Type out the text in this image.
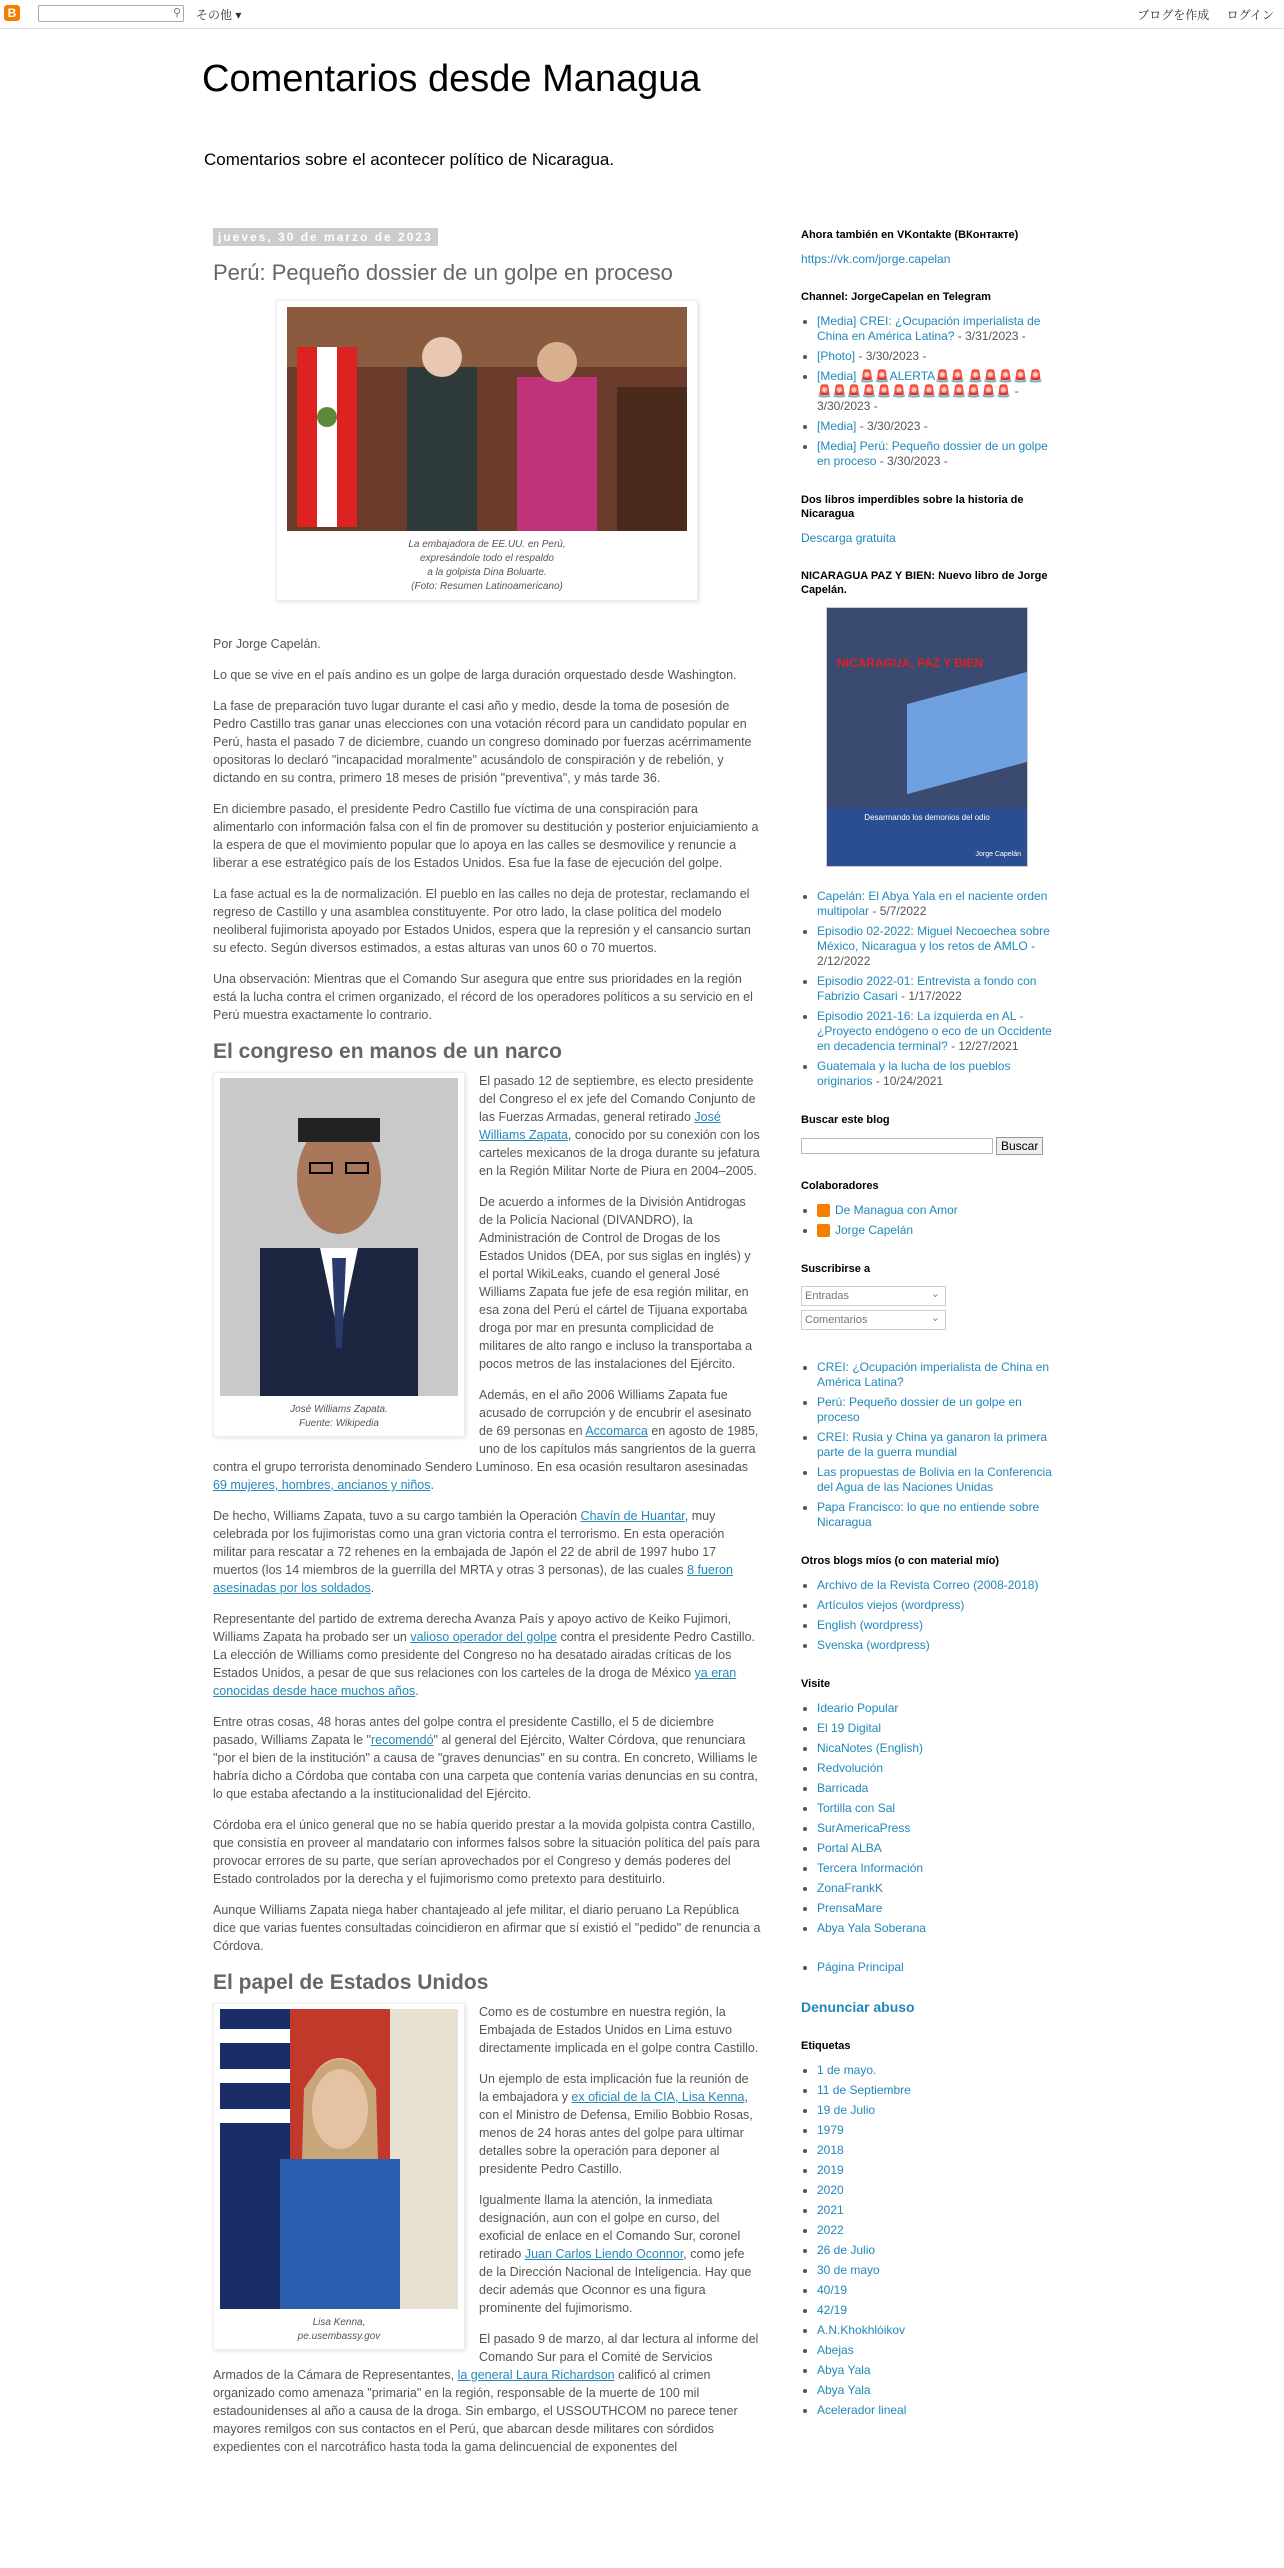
B	⚲ その他 ▾	ブログを作成 ログイン
Comentarios desde Managua
Comentarios sobre el acontecer político de Nicaragua.
jueves, 30 de marzo de 2023
Perú: Pequeño dossier de un golpe en proceso
La embajadora de EE.UU. en Perú,
expresándole todo el respaldo
a la golpista Dina Boluarte.
(Foto: Resumen Latinoamericano)

Por Jorge Capelán.

Lo que se vive en el país andino es un golpe de larga duración orquestado desde Washington.

La fase de preparación tuvo lugar durante el casi año y medio, desde la toma de posesión de Pedro Castillo tras ganar unas elecciones con una votación récord para un candidato popular en Perú, hasta el pasado 7 de diciembre, cuando un congreso dominado por fuerzas acérrimamente opositoras lo declaró "incapacidad moralmente" acusándolo de conspiración y de rebelión, y dictando en su contra, primero 18 meses de prisión "preventiva", y más tarde 36.

En diciembre pasado, el presidente Pedro Castillo fue víctima de una conspiración para alimentarlo con información falsa con el fin de promover su destitución y posterior enjuiciamiento a la espera de que el movimiento popular que lo apoya en las calles se desmovilice y renuncie a liberar a ese estratégico país de los Estados Unidos. Esa fue la fase de ejecución del golpe.

La fase actual es la de normalización. El pueblo en las calles no deja de protestar, reclamando el regreso de Castillo y una asamblea constituyente. Por otro lado, la clase política del modelo neoliberal fujimorista apoyado por Estados Unidos, espera que la represión y el cansancio surtan su efecto. Según diversos estimados, a estas alturas van unos 60 o 70 muertos.

Una observación: Mientras que el Comando Sur asegura que entre sus prioridades en la región está la lucha contra el crimen organizado, el récord de los operadores políticos a su servicio en el Perú muestra exactamente lo contrario.

El congreso en manos de un narco
José Williams Zapata.
Fuente: Wikipedia

El pasado 12 de septiembre, es electo presidente del Congreso el ex jefe del Comando Conjunto de las Fuerzas Armadas, general retirado José Williams Zapata, conocido por su conexión con los carteles mexicanos de la droga durante su jefatura en la Región Militar Norte de Piura en 2004–2005.

De acuerdo a informes de la División Antidrogas de la Policía Nacional (DIVANDRO), la Administración de Control de Drogas de los Estados Unidos (DEA, por sus siglas en inglés) y el portal WikiLeaks, cuando el general José Williams Zapata fue jefe de esa región militar, en esa zona del Perú el cártel de Tijuana exportaba droga por mar en presunta complicidad de militares de alto rango e incluso la transportaba a pocos metros de las instalaciones del Ejército.

Además, en el año 2006 Williams Zapata fue acusado de corrupción y de encubrir el asesinato de 69 personas en Accomarca en agosto de 1985, uno de los capítulos más sangrientos de la guerra contra el grupo terrorista denominado Sendero Luminoso. En esa ocasión resultaron asesinadas 69 mujeres, hombres, ancianos y niños.

De hecho, Williams Zapata, tuvo a su cargo también la Operación Chavín de Huantar, muy celebrada por los fujimoristas como una gran victoria contra el terrorismo. En esta operación militar para rescatar a 72 rehenes en la embajada de Japón el 22 de abril de 1997 hubo 17 muertos (los 14 miembros de la guerrilla del MRTA y otras 3 personas), de las cuales 8 fueron asesinadas por los soldados.

Representante del partido de extrema derecha Avanza País y apoyo activo de Keiko Fujimori, Williams Zapata ha probado ser un valioso operador del golpe contra el presidente Pedro Castillo. La elección de Williams como presidente del Congreso no ha desatado airadas críticas de los Estados Unidos, a pesar de que sus relaciones con los carteles de la droga de México ya eran conocidas desde hace muchos años.

Entre otras cosas, 48 horas antes del golpe contra el presidente Castillo, el 5 de diciembre pasado, Williams Zapata le "recomendó" al general del Ejército, Walter Córdova, que renunciara "por el bien de la institución" a causa de "graves denuncias" en su contra. En concreto, Williams le habría dicho a Córdoba que contaba con una carpeta que contenía varias denuncias en su contra, lo que estaba afectando a la institucionalidad del Ejército.

Córdoba era el único general que no se había querido prestar a la movida golpista contra Castillo, que consistía en proveer al mandatario con informes falsos sobre la situación política del país para provocar errores de su parte, que serían aprovechados por el Congreso y demás poderes del Estado controlados por la derecha y el fujimorismo como pretexto para destituirlo.

Aunque Williams Zapata niega haber chantajeado al jefe militar, el diario peruano La República dice que varias fuentes consultadas coincidieron en afirmar que sí existió el "pedido" de renuncia a Córdova.

El papel de Estados Unidos
Lisa Kenna,
pe.usembassy.gov

Como es de costumbre en nuestra región, la Embajada de Estados Unidos en Lima estuvo directamente implicada en el golpe contra Castillo.

Un ejemplo de esta implicación fue la reunión de la embajadora y ex oficial de la CIA, Lisa Kenna, con el Ministro de Defensa, Emilio Bobbio Rosas, menos de 24 horas antes del golpe para ultimar detalles sobre la operación para deponer al presidente Pedro Castillo.

Igualmente llama la atención, la inmediata designación, aun con el golpe en curso, del exoficial de enlace en el Comando Sur, coronel retirado Juan Carlos Liendo Oconnor, como jefe de la Dirección Nacional de Inteligencia. Hay que decir además que Oconnor es una figura prominente del fujimorismo.

El pasado 9 de marzo, al dar lectura al informe del Comando Sur para el Comité de Servicios Armados de la Cámara de Representantes, la general Laura Richardson calificó al crimen organizado como amenaza "primaria" en la región, responsable de la muerte de 100 mil estadounidenses al año a causa de la droga. Sin embargo, el USSOUTHCOM no parece tener mayores remilgos con sus contactos en el Perú, que abarcan desde militares con sórdidos expedientes con el narcotráfico hasta toda la gama delincuencial de exponentes del

Ahora también en VKontakte (ВКонтакте)
https://vk.com/jorge.capelan
Channel: JorgeCapelan en Telegram
• [Media] CREI: ¿Ocupación imperialista de China en América Latina? - 3/31/2023 -
• [Photo] - 3/30/2023 -
• [Media] 🚨🚨ALERTA🚨🚨 🚨🚨🚨🚨🚨🚨🚨🚨🚨🚨🚨🚨🚨🚨🚨🚨🚨🚨 - 3/30/2023 -
• [Media] - 3/30/2023 -
• [Media] Perú: Pequeño dossier de un golpe en proceso - 3/30/2023 -
Dos libros imperdibles sobre la historia de Nicaragua
Descarga gratuita
NICARAGUA PAZ Y BIEN: Nuevo libro de Jorge Capelán.
NICARAGUA, PAZ Y BIEN
Desarmando los demonios del odio
Jorge Capelán
• Capelán: El Abya Yala en el naciente orden multipolar - 5/7/2022
• Episodio 02-2022: Miguel Necoechea sobre México, Nicaragua y los retos de AMLO - 2/12/2022
• Episodio 2022-01: Entrevista a fondo con Fabrizio Casari - 1/17/2022
• Episodio 2021-16: La izquierda en AL - ¿Proyecto endógeno o eco de un Occidente en decadencia terminal? - 12/27/2021
• Guatemala y la lucha de los pueblos originarios - 10/24/2021
Buscar este blog
Buscar
Colaboradores
• De Managua con Amor
• Jorge Capelán
Suscribirse a
Entradas ⌄
Comentarios ⌄
• CREI: ¿Ocupación imperialista de China en América Latina?
• Perú: Pequeño dossier de un golpe en proceso
• CREI: Rusia y China ya ganaron la primera parte de la guerra mundial
• Las propuestas de Bolivia en la Conferencia del Agua de las Naciones Unidas
• Papa Francisco: lo que no entiende sobre Nicaragua
Otros blogs míos (o con material mío)
• Archivo de la Revista Correo (2008-2018)
• Artículos viejos (wordpress)
• English (wordpress)
• Svenska (wordpress)
Visite
• Ideario Popular
• El 19 Digital
• NicaNotes (English)
• Redvolución
• Barricada
• Tortilla con Sal
• SurAmericaPress
• Portal ALBA
• Tercera Información
• ZonaFrankK
• PrensaMare
• Abya Yala Soberana
• Página Principal
Denunciar abuso
Etiquetas
• 1 de mayo.
• 11 de Septiembre
• 19 de Julio
• 1979
• 2018
• 2019
• 2020
• 2021
• 2022
• 26 de Julio
• 30 de mayo
• 40/19
• 42/19
• A.N.Khokhlóikov
• Abejas
• Abya Yala
• Abya Yala
• Acelerador lineal
